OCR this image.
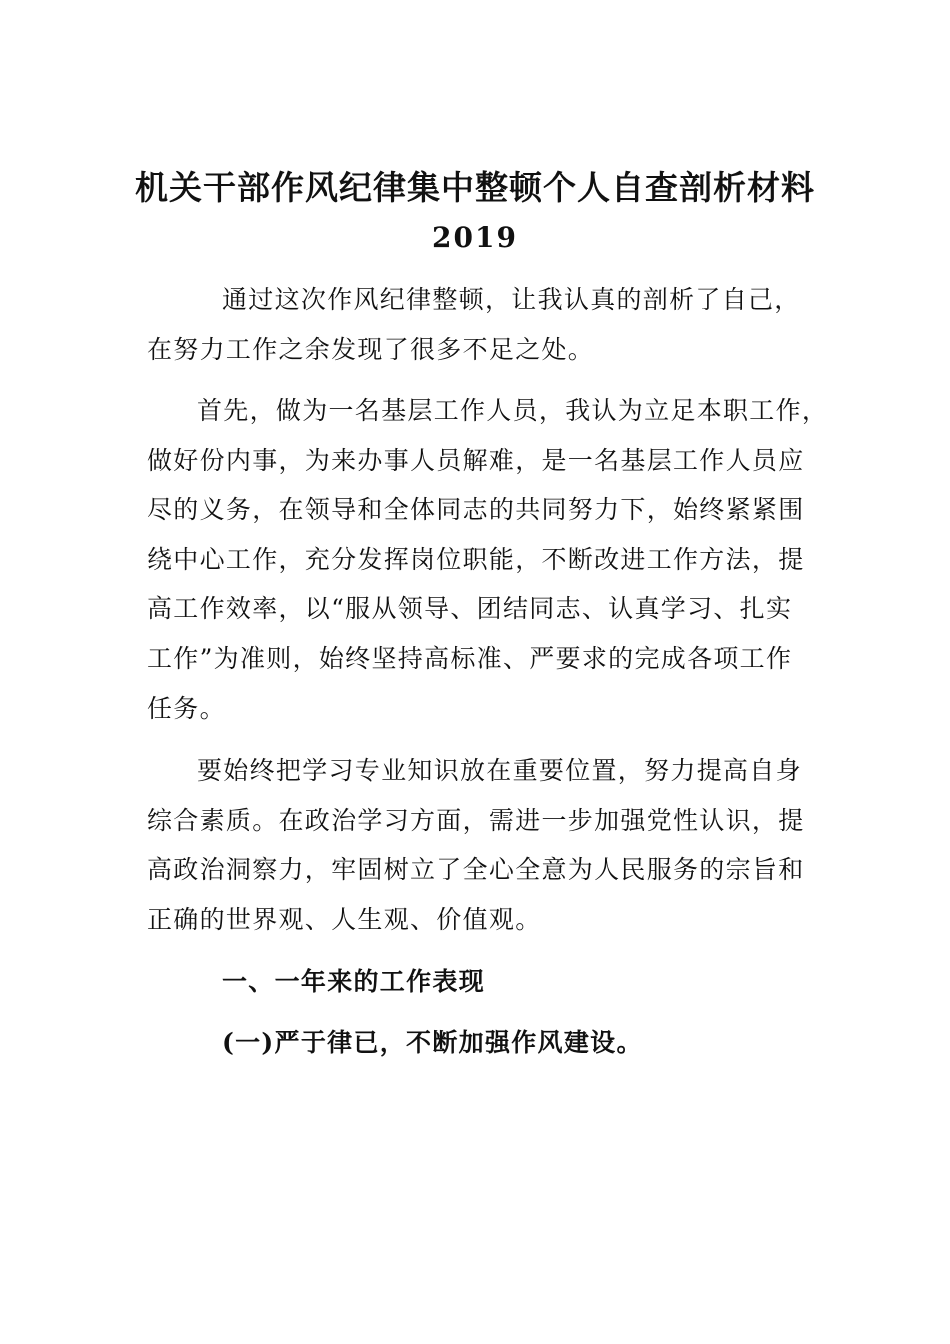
机关干部作风纪律集中整顿个人自查剖析材料
2019
通过这次作风纪律整顿，让我认真的剖析了自己，
在努力工作之余发现了很多不足之处。
首先，做为一名基层工作人员，我认为立足本职工作，
做好份内事，为来办事人员解难，是一名基层工作人员应
尽的义务，在领导和全体同志的共同努力下，始终紧紧围
绕中心工作，充分发挥岗位职能，不断改进工作方法，提
高工作效率，以“服从领导、团结同志、认真学习、扎实
工作”为准则，始终坚持高标准、严要求的完成各项工作
任务。
要始终把学习专业知识放在重要位置，努力提高自身
综合素质。在政治学习方面，需进一步加强党性认识，提
高政治洞察力，牢固树立了全心全意为人民服务的宗旨和
正确的世界观、人生观、价值观。
一、一年来的工作表现
(一)严于律已，不断加强作风建设。
